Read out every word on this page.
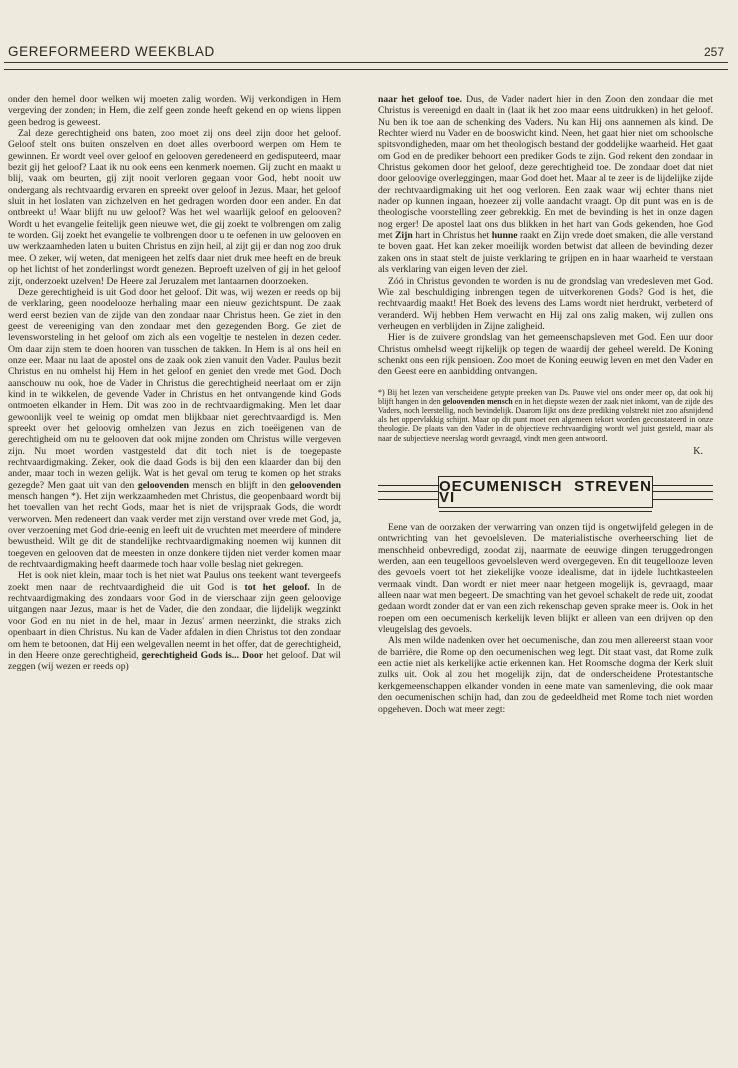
GEREFORMEERD WEEKBLAD	257

onder den hemel door welken wij moeten zalig worden. Wij verkondigen in Hem vergeving der zonden; in Hem, die zelf geen zonde heeft gekend en op wiens lippen geen bedrog is geweest.

Zal deze gerechtigheid ons baten, zoo moet zij ons deel zijn door het geloof. Geloof stelt ons buiten onszelven en doet alles overboord werpen om Hem te gewinnen. Er wordt veel over geloof en gelooven geredeneerd en gedisputeerd, maar bezit gij het geloof? Laat ik nu ook eens een kenmerk noemen. Gij zucht en maakt u blij, vaak om beurten, gij zijt nooit verloren gegaan voor God, hebt nooit uw ondergang als rechtvaardig ervaren en spreekt over geloof in Jezus. Maar, het geloof sluit in het loslaten van zichzelven en het gedragen worden door een ander. En dat ontbreekt u! Waar blijft nu uw geloof? Was het wel waarlijk geloof en gelooven? Wordt u het evangelie feitelijk geen nieuwe wet, die gij zoekt te volbrengen om zalig te worden. Gij zoekt het evangelie te volbrengen door u te oefenen in uw gelooven en uw werkzaamheden laten u buiten Christus en zijn heil, al zijt gij er dan nog zoo druk mee. O zeker, wij weten, dat menigeen het zelfs daar niet druk mee heeft en de breuk op het lichtst of het zonderlingst wordt genezen. Beproeft uzelven of gij in het geloof zijt, onderzoekt uzelven! De Heere zal Jeruzalem met lantaarnen doorzoeken.

Deze gerechtigheid is uit God door het geloof. Dit was, wij wezen er reeds op bij de verklaring, geen noodelooze herhaling maar een nieuw gezichtspunt. De zaak werd eerst bezien van de zijde van den zondaar naar Christus heen. Ge ziet in den geest de vereeniging van den zondaar met den gezegenden Borg. Ge ziet de levensworsteling in het geloof om zich als een vogeltje te nestelen in dezen ceder. Om daar zijn stem te doen hooren van tusschen de takken. In Hem is al ons heil en onze eer. Maar nu laat de apostel ons de zaak ook zien vanuit den Vader. Paulus bezit Christus en nu omhelst hij Hem in het geloof en geniet den vrede met God. Doch aanschouw nu ook, hoe de Vader in Christus die gerechtigheid neerlaat om er zijn kind in te wikkelen, de gevende Vader in Christus en het ontvangende kind Gods ontmoeten elkander in Hem. Dit was zoo in de rechtvaardigmaking. Men let daar gewoonlijk veel te weinig op omdat men blijkbaar niet gerechtvaardigd is. Men spreekt over het geloovig omhelzen van Jezus en zich toeëigenen van de gerechtigheid om nu te gelooven dat ook mijne zonden om Christus wille vergeven zijn. Nu moet worden vastgesteld dat dit toch niet is de toegepaste rechtvaardigmaking. Zeker, ook die daad Gods is bij den een klaarder dan bij den ander, maar toch in wezen gelijk. Wat is het geval om terug te komen op het straks gezegde? Men gaat uit van den geloovenden mensch en blijft in den geloovenden mensch hangen *). Het zijn werkzaamheden met Christus, die geopenbaard wordt bij het toevallen van het recht Gods, maar het is niet de vrijspraak Gods, die wordt verworven. Men redeneert dan vaak verder met zijn verstand over vrede met God, ja, over verzoening met God drie-eenig en leeft uit de vruchten met meerdere of mindere bewustheid. Wilt ge dit de standelijke rechtvaardigmaking noemen wij kunnen dit toegeven en gelooven dat de meesten in onze donkere tijden niet verder komen maar de rechtvaardigmaking heeft daarmede toch haar volle beslag niet gekregen.

Het is ook niet klein, maar toch is het niet wat Paulus ons teekent want tevergeefs zoekt men naar de rechtvaardigheid die uit God is tot het geloof. In de rechtvaardigmaking des zondaars voor God in de vierschaar zijn geen geloovige uitgangen naar Jezus, maar is het de Vader, die den zondaar, die lijdelijk wegzinkt voor God en nu niet in de hel, maar in Jezus' armen neerzinkt, die straks zich openbaart in dien Christus. Nu kan de Vader afdalen in dien Christus tot den zondaar om hem te betoonen, dat Hij een welgevallen neemt in het offer, dat de gerechtigheid, in den Heere onze gerechtigheid, gerechtigheid Gods is... Door het geloof. Dat wil zeggen (wij wezen er reeds op)

naar het geloof toe. Dus, de Vader nadert hier in den Zoon den zondaar die met Christus is vereenigd en daalt in (laat ik het zoo maar eens uitdrukken) in het geloof. Nu ben ik toe aan de schenking des Vaders. Nu kan Hij ons aannemen als kind. De Rechter wierd nu Vader en de booswicht kind. Neen, het gaat hier niet om schoolsche spitsvondigheden, maar om het theologisch bestand der goddelijke waarheid. Het gaat om God en de prediker behoort een prediker Gods te zijn. God rekent den zondaar in Christus gekomen door het geloof, deze gerechtigheid toe. De zondaar doet dat niet door geloovige overleggingen, maar God doet het. Maar al te zeer is de lijdelijke zijde der rechtvaardigmaking uit het oog verloren. Een zaak waar wij echter thans niet nader op kunnen ingaan, hoezeer zij volle aandacht vraagt. Op dit punt was en is de theologische voorstelling zeer gebrekkig. En met de bevinding is het in onze dagen nog erger! De apostel laat ons dus blikken in het hart van Gods gekenden, hoe God met Zijn hart in Christus het hunne raakt en Zijn vrede doet smaken, die alle verstand te boven gaat. Het kan zeker moeilijk worden betwist dat alleen de bevinding dezer zaken ons in staat stelt de juiste verklaring te grijpen en in haar waarheid te verstaan als verklaring van eigen leven der ziel.

Zóó in Christus gevonden te worden is nu de grondslag van vredesleven met God. Wie zal beschuldiging inbrengen tegen de uitverkorenen Gods? God is het, die rechtvaardig maakt! Het Boek des levens des Lams wordt niet herdrukt, verbeterd of veranderd. Wij hebben Hem verwacht en Hij zal ons zalig maken, wij zullen ons verheugen en verblijden in Zijne zaligheid.

Hier is de zuivere grondslag van het gemeenschapsleven met God. Een uur door Christus omhelsd weegt rijkelijk op tegen de waardij der geheel wereld. De Koning schenkt ons een rijk pensioen. Zoo moet de Koning eeuwig leven en met den Vader en den Geest eere en aanbidding ontvangen.

*) Bij het lezen van verscheidene getypte preeken van Ds. Pauwe viel ons onder meer op, dat ook hij blijft hangen in den geloovenden mensch en in het diepste wezen der zaak niet inkomt, van de zijde des Vaders, noch leerstellig, noch bevindelijk. Daarom lijkt ons deze prediking volstrekt niet zoo afsnijdend als het oppervlakkig schijnt. Maar op dit punt moet een algemeen tekort worden geconstateerd in onze theologie. De plaats van den Vader in de objectieve rechtvaardiging wordt wel juist gesteld, maar als naar de subjectieve neerslag wordt gevraagd, vindt men geen antwoord.

K.
OECUMENISCH STREVEN VI

Eene van de oorzaken der verwarring van onzen tijd is ongetwijfeld gelegen in de ontwrichting van het gevoelsleven. De materialistische overheersching liet de menschheid onbevredigd, zoodat zij, naarmate de eeuwige dingen teruggedrongen werden, aan een teugelloos gevoelsleven werd overgegeven. En dit teugellooze leven des gevoels voert tot het ziekelijke vooze idealisme, dat in ijdele luchtkasteelen vermaak vindt. Dan wordt er niet meer naar hetgeen mogelijk is, gevraagd, maar alleen naar wat men begeert. De smachting van het gevoel schakelt de rede uit, zoodat gedaan wordt zonder dat er van een zich rekenschap geven sprake meer is. Ook in het roepen om een oecumenisch kerkelijk leven blijkt er alleen van een drijven op den vleugelslag des gevoels.

Als men wilde nadenken over het oecumenische, dan zou men allereerst staan voor de barrière, die Rome op den oecumenischen weg legt. Dit staat vast, dat Rome zulk een actie niet als kerkelijke actie erkennen kan. Het Roomsche dogma der Kerk sluit zulks uit. Ook al zou het mogelijk zijn, dat de onderscheidene Protestantsche kerkgemeenschappen elkander vonden in eene mate van samenleving, die ook maar den oecumenischen schijn had, dan zou de gedeeldheid met Rome toch niet worden opgeheven. Doch wat meer zegt:
